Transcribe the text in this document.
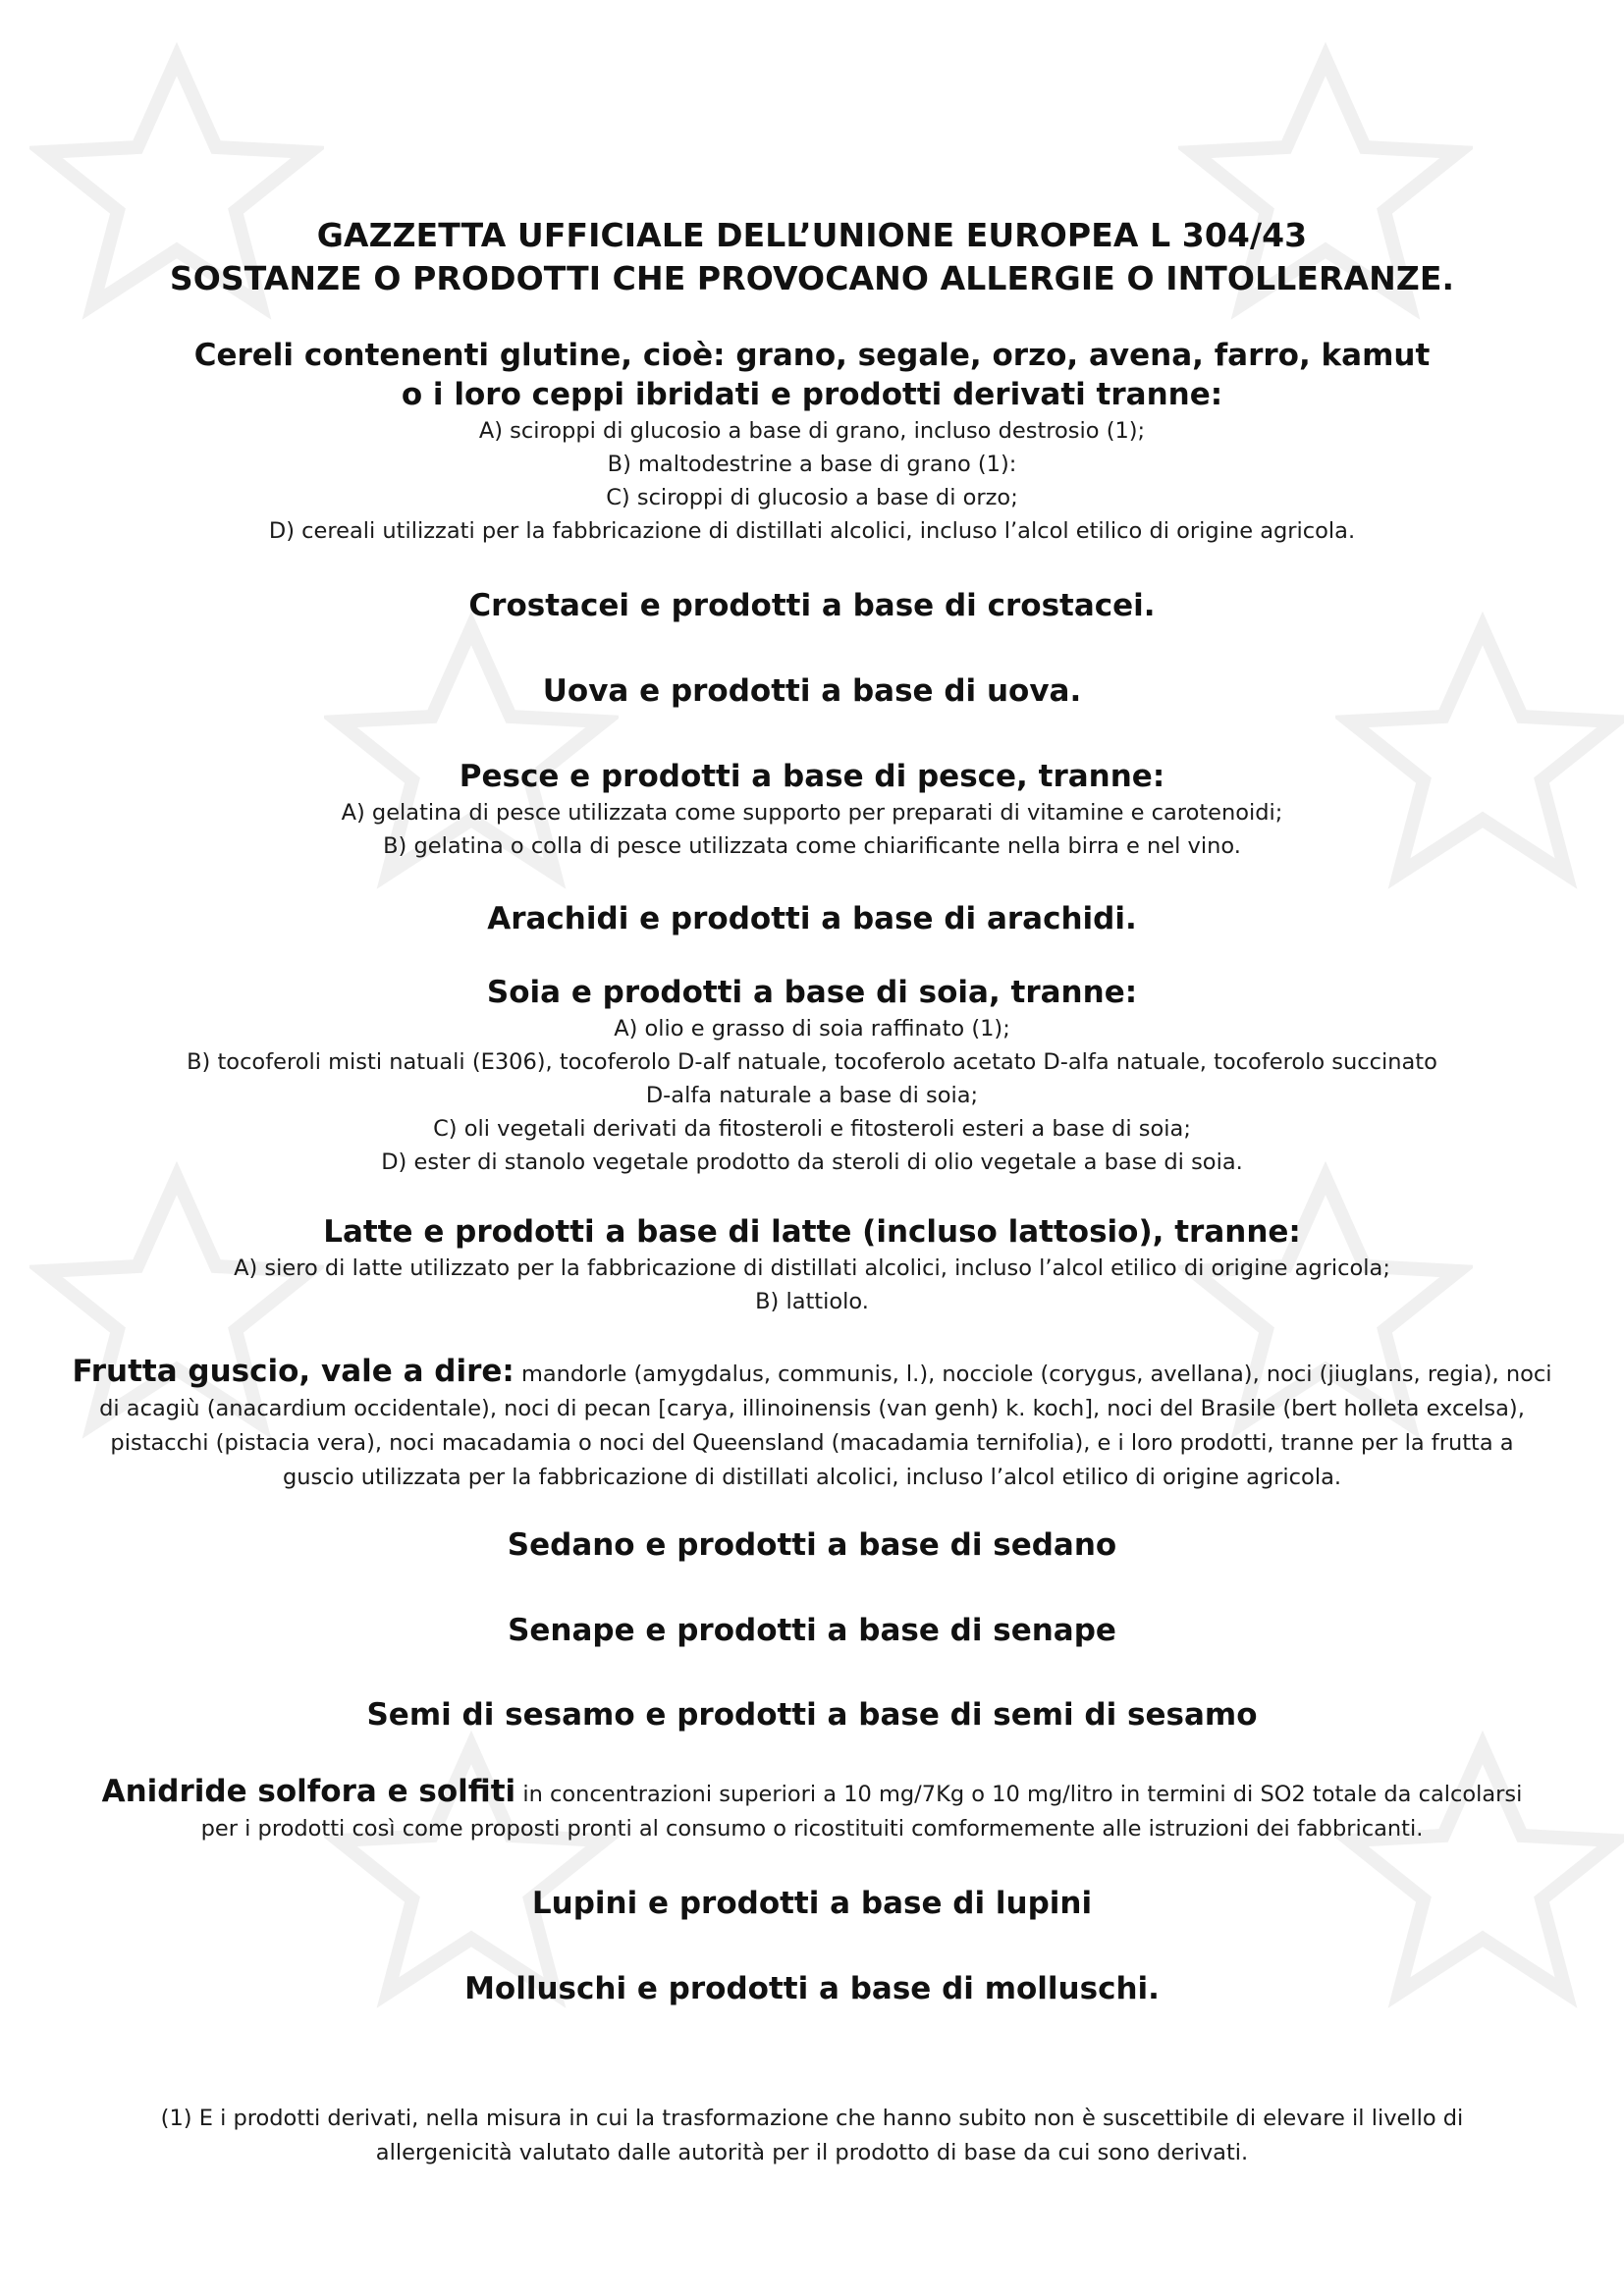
GAZZETTA UFFICIALE DELL’UNIONE EUROPEA L 304/43

SOSTANZE O PRODOTTI CHE PROVOCANO ALLERGIE O INTOLLERANZE.

Cereli contenenti glutine, cioè: grano, segale, orzo, avena, farro, kamut

o i loro ceppi ibridati e prodotti derivati tranne:

A) sciroppi di glucosio a base di grano, incluso destrosio (1);

B) maltodestrine a base di grano (1):

C) sciroppi di glucosio a base di orzo;

D) cereali utilizzati per la fabbricazione di distillati alcolici, incluso l’alcol etilico di origine agricola.

Crostacei e prodotti a base di crostacei.

Uova e prodotti a base di uova.

Pesce e prodotti a base di pesce, tranne:

A) gelatina di pesce utilizzata come supporto per preparati di vitamine e carotenoidi;

B) gelatina o colla di pesce utilizzata come chiarificante nella birra e nel vino.

Arachidi e prodotti a base di arachidi.

Soia e prodotti a base di soia, tranne:

A) olio e grasso di soia raffinato (1);

B) tocoferoli misti natuali (E306), tocoferolo D-alf natuale, tocoferolo acetato D-alfa natuale, tocoferolo succinato

D-alfa naturale a base di soia;

C) oli vegetali derivati da fitosteroli e fitosteroli esteri a base di soia;

D) ester di stanolo vegetale prodotto da steroli di olio vegetale a base di soia.

Latte e prodotti a base di latte (incluso lattosio), tranne:

A) siero di latte utilizzato per la fabbricazione di distillati alcolici, incluso l’alcol etilico di origine agricola;

B) lattiolo.

Frutta guscio, vale a dire: mandorle (amygdalus, communis, l.), nocciole (corygus, avellana), noci (jiuglans, regia), noci

di acagiù (anacardium occidentale), noci di pecan [carya, illinoinensis (van genh) k. koch], noci del Brasile (bert holleta excelsa),

pistacchi (pistacia vera), noci macadamia o noci del Queensland (macadamia ternifolia), e i loro prodotti, tranne per la frutta a

guscio utilizzata per la fabbricazione di distillati alcolici, incluso l’alcol etilico di origine agricola.

Sedano e prodotti a base di sedano

Senape e prodotti a base di senape

Semi di sesamo e prodotti a base di semi di sesamo

Anidride solfora e solfiti in concentrazioni superiori a 10 mg/7Kg o 10 mg/litro in termini di SO2 totale da calcolarsi

per i prodotti così come proposti pronti al consumo o ricostituiti comformemente alle istruzioni dei fabbricanti.

Lupini e prodotti a base di lupini

Molluschi e prodotti a base di molluschi.

(1) E i prodotti derivati, nella misura in cui la trasformazione che hanno subito non è suscettibile di elevare il livello di

allergenicità valutato dalle autorità per il prodotto di base da cui sono derivati.
